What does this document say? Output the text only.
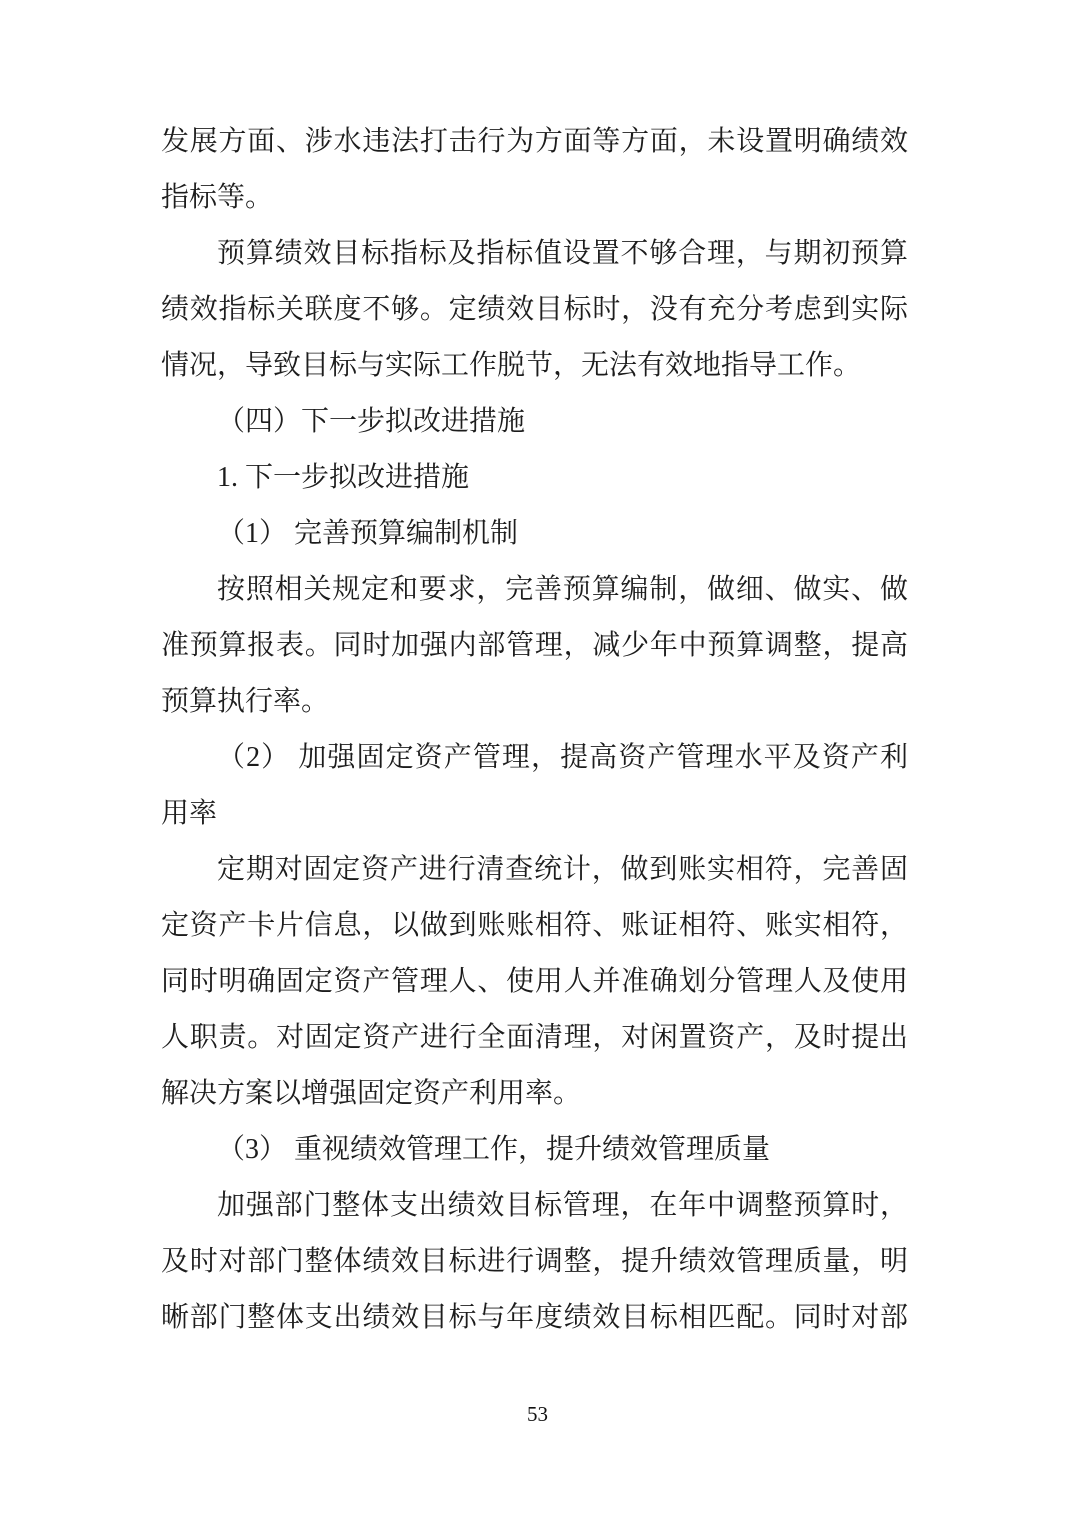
发展方面、涉水违法打击行为方面等方面，未设置明确绩效指标等。

预算绩效目标指标及指标值设置不够合理，与期初预算绩效指标关联度不够。定绩效目标时，没有充分考虑到实际情况，导致目标与实际工作脱节，无法有效地指导工作。

（四）下一步拟改进措施

1. 下一步拟改进措施

（1） 完善预算编制机制

按照相关规定和要求，完善预算编制，做细、做实、做准预算报表。同时加强内部管理，减少年中预算调整，提高预算执行率。

（2） 加强固定资产管理，提高资产管理水平及资产利用率

定期对固定资产进行清查统计，做到账实相符，完善固定资产卡片信息，以做到账账相符、账证相符、账实相符，同时明确固定资产管理人、使用人并准确划分管理人及使用人职责。对固定资产进行全面清理，对闲置资产，及时提出解决方案以增强固定资产利用率。

（3） 重视绩效管理工作，提升绩效管理质量

加强部门整体支出绩效目标管理，在年中调整预算时，及时对部门整体绩效目标进行调整，提升绩效管理质量，明晰部门整体支出绩效目标与年度绩效目标相匹配。同时对部

53
